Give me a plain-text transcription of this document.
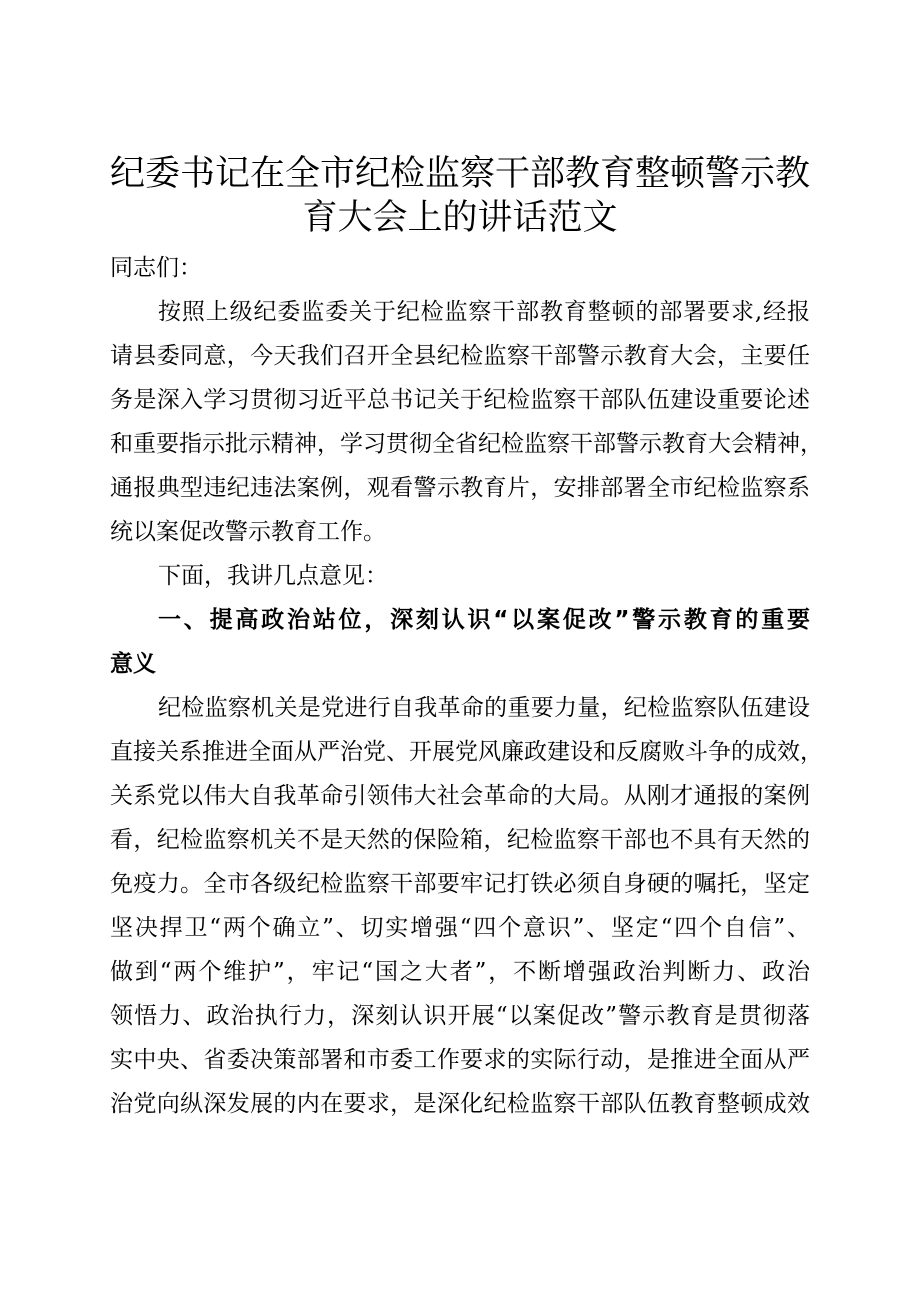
纪委书记在全市纪检监察干部教育整顿警示教
育大会上的讲话范文
同志们：
按照上级纪委监委关于纪检监察干部教育整顿的部署要求,经报
请县委同意，今天我们召开全县纪检监察干部警示教育大会，主要任
务是深入学习贯彻习近平总书记关于纪检监察干部队伍建设重要论述
和重要指示批示精神，学习贯彻全省纪检监察干部警示教育大会精神，
通报典型违纪违法案例，观看警示教育片，安排部署全市纪检监察系
统以案促改警示教育工作。
下面，我讲几点意见：
一、提高政治站位，深刻认识“以案促改”警示教育的重要
意义
纪检监察机关是党进行自我革命的重要力量，纪检监察队伍建设
直接关系推进全面从严治党、开展党风廉政建设和反腐败斗争的成效，
关系党以伟大自我革命引领伟大社会革命的大局。从刚才通报的案例
看，纪检监察机关不是天然的保险箱，纪检监察干部也不具有天然的
免疫力。全市各级纪检监察干部要牢记打铁必须自身硬的嘱托，坚定
坚决捍卫“两个确立”、切实增强“四个意识”、坚定“四个自信”、
做到“两个维护”，牢记“国之大者”，不断增强政治判断力、政治
领悟力、政治执行力，深刻认识开展“以案促改”警示教育是贯彻落
实中央、省委决策部署和市委工作要求的实际行动，是推进全面从严
治党向纵深发展的内在要求，是深化纪检监察干部队伍教育整顿成效
